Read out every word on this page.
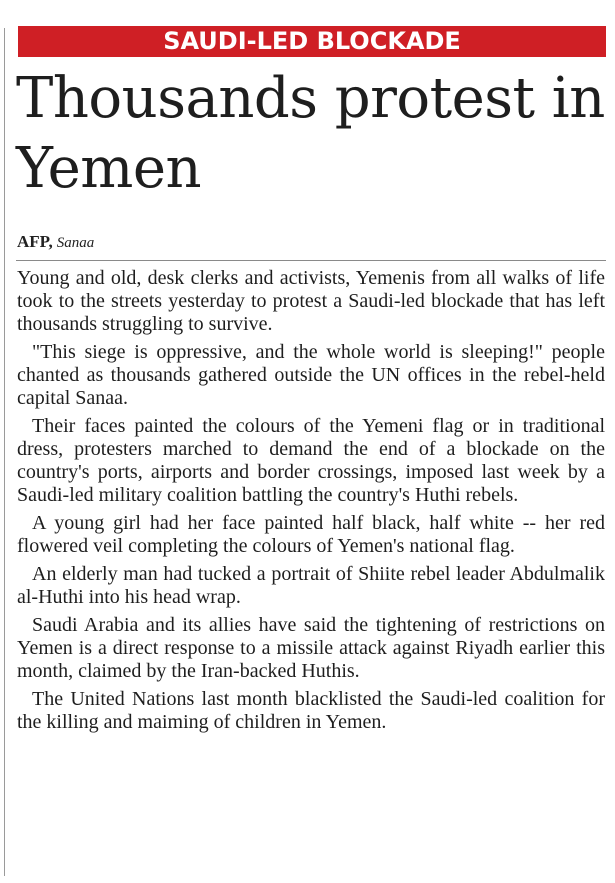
SAUDI-LED BLOCKADE
Thousands protest in Yemen
AFP, Sanaa

Young and old, desk clerks and activists, Yemenis from all walks of life took to the streets yesterday to protest a Saudi-led blockade that has left thousands struggling to survive.

"This siege is oppressive, and the whole world is sleeping!" people chanted as thousands gathered outside the UN offices in the rebel-held capital Sanaa.

Their faces painted the colours of the Yemeni flag or in traditional dress, protesters marched to demand the end of a blockade on the country's ports, airports and border crossings, imposed last week by a Saudi-led military coalition battling the country's Huthi rebels.

A young girl had her face painted half black, half white -- her red flowered veil completing the colours of Yemen's national flag.

An elderly man had tucked a portrait of Shiite rebel leader Abdulmalik al-Huthi into his head wrap.

Saudi Arabia and its allies have said the tightening of restrictions on Yemen is a direct response to a missile attack against Riyadh earlier this month, claimed by the Iran-backed Huthis.

The United Nations last month blacklisted the Saudi-led coalition for the killing and maiming of children in Yemen.
